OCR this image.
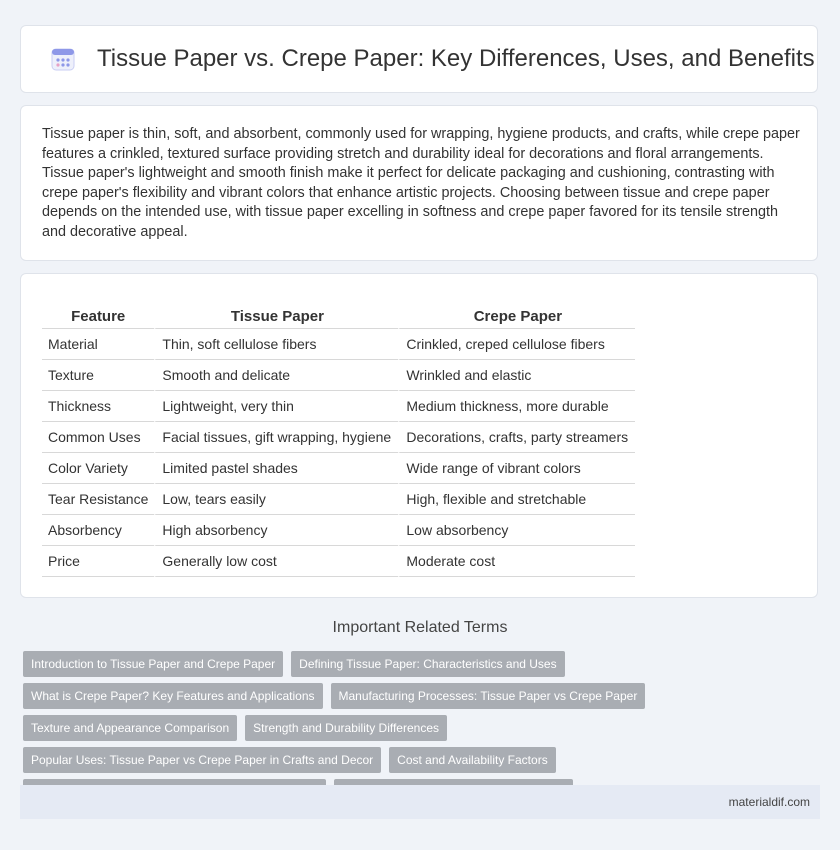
Tissue Paper vs. Crepe Paper: Key Differences, Uses, and Benefits

Tissue paper is thin, soft, and absorbent, commonly used for wrapping, hygiene products, and crafts, while crepe paper features a crinkled, textured surface providing stretch and durability ideal for decorations and floral arrangements. Tissue paper's lightweight and smooth finish make it perfect for delicate packaging and cushioning, contrasting with crepe paper's flexibility and vibrant colors that enhance artistic projects. Choosing between tissue and crepe paper depends on the intended use, with tissue paper excelling in softness and crepe paper favored for its tensile strength and decorative appeal.

Feature	Tissue Paper	Crepe Paper
Material	Thin, soft cellulose fibers	Crinkled, creped cellulose fibers
Texture	Smooth and delicate	Wrinkled and elastic
Thickness	Lightweight, very thin	Medium thickness, more durable
Common Uses	Facial tissues, gift wrapping, hygiene	Decorations, crafts, party streamers
Color Variety	Limited pastel shades	Wide range of vibrant colors
Tear Resistance	Low, tears easily	High, flexible and stretchable
Absorbency	High absorbency	Low absorbency
Price	Generally low cost	Moderate cost
Important Related Terms
Introduction to Tissue Paper and Crepe Paper	Defining Tissue Paper: Characteristics and Uses
What is Crepe Paper? Key Features and Applications	Manufacturing Processes: Tissue Paper vs Crepe Paper
Texture and Appearance Comparison	Strength and Durability Differences
Popular Uses: Tissue Paper vs Crepe Paper in Crafts and Decor	Cost and Availability Factors
materialdif.com
